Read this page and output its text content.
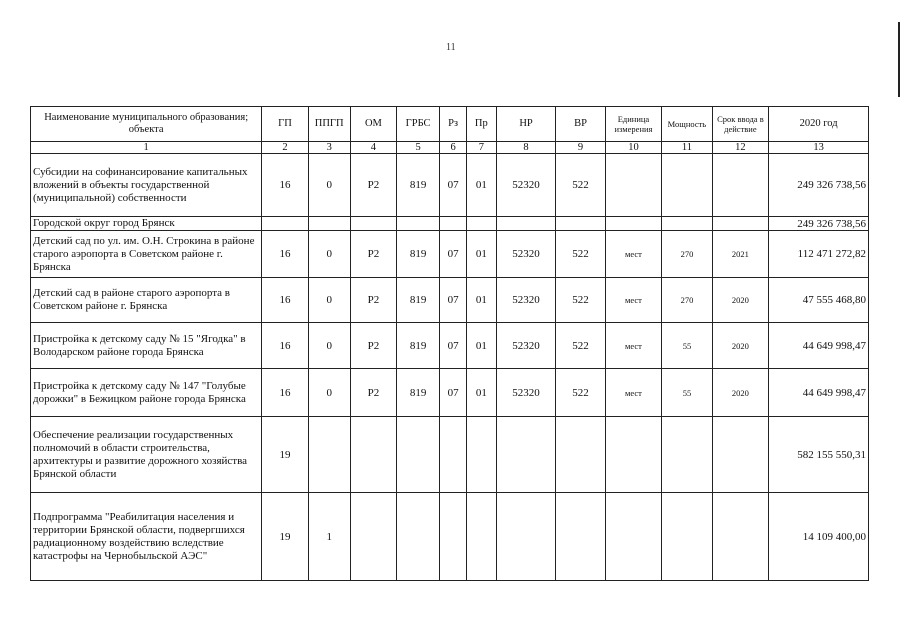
11
Наименование муниципального образования; объекта	ГП	ППГП	ОМ	ГРБС	Рз	Пр	НР	ВР	Единица измерения	Мощность	Срок ввода в действие	2020 год
1	2	3	4	5	6	7	8	9	10	11	12	13
Субсидии на софинансирование капитальных вложений в объекты государственной (муниципальной) собственности	16	0	Р2	819	07	01	52320	522				249 326 738,56
Городской округ город Брянск												249 326 738,56
Детский сад по ул. им. О.Н. Строкина в районе старого аэропорта в Советском районе г. Брянска	16	0	Р2	819	07	01	52320	522	мест	270	2021	112 471 272,82
Детский сад в районе старого аэропорта в Советском районе г. Брянска	16	0	Р2	819	07	01	52320	522	мест	270	2020	47 555 468,80
Пристройка к детскому саду № 15 "Ягодка" в Володарском районе города Брянска	16	0	Р2	819	07	01	52320	522	мест	55	2020	44 649 998,47
Пристройка к детскому саду № 147 "Голубые дорожки" в Бежицком районе города Брянска	16	0	Р2	819	07	01	52320	522	мест	55	2020	44 649 998,47
Обеспечение реализации государственных полномочий в области строительства, архитектуры и развитие дорожного хозяйства Брянской области	19											582 155 550,31
Подпрограмма "Реабилитация населения и территории Брянской области, подвергшихся радиационному воздействию вследствие катастрофы на Чернобыльской АЭС"	19	1										14 109 400,00
